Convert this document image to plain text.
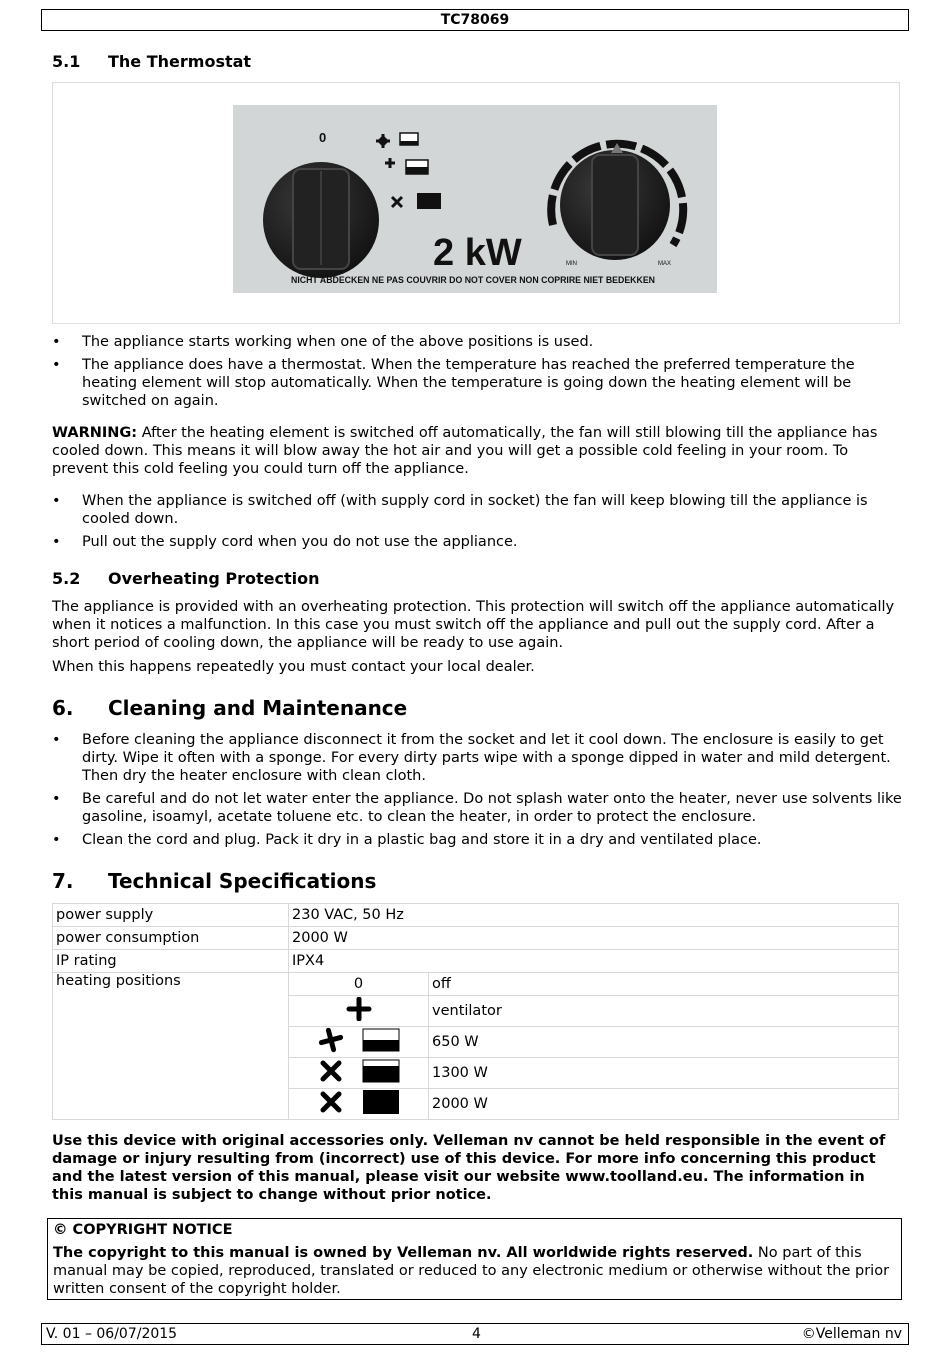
TC78069
5.1 The Thermostat
0
2 kW	MIN	MAX
NICHT ABDECKEN NE PAS COUVRIR DO NOT COVER NON COPRIRE NIET BEDEKKEN
• The appliance starts working when one of the above positions is used.
• The appliance does have a thermostat. When the temperature has reached the preferred temperature the heating element will stop automatically. When the temperature is going down the heating element will be switched on again.

WARNING: After the heating element is switched off automatically, the fan will still blowing till the appliance has cooled down. This means it will blow away the hot air and you will get a possible cold feeling in your room. To prevent this cold feeling you could turn off the appliance.

• When the appliance is switched off (with supply cord in socket) the fan will keep blowing till the appliance is cooled down.
• Pull out the supply cord when you do not use the appliance.
5.2 Overheating Protection

The appliance is provided with an overheating protection. This protection will switch off the appliance automatically when it notices a malfunction. In this case you must switch off the appliance and pull out the supply cord. After a short period of cooling down, the appliance will be ready to use again.

When this happens repeatedly you must contact your local dealer.

6. Cleaning and Maintenance
• Before cleaning the appliance disconnect it from the socket and let it cool down. The enclosure is easily to get dirty. Wipe it often with a sponge. For every dirty parts wipe with a sponge dipped in water and mild detergent. Then dry the heater enclosure with clean cloth.
• Be careful and do not let water enter the appliance. Do not splash water onto the heater, never use solvents like gasoline, isoamyl, acetate toluene etc. to clean the heater, in order to protect the enclosure.
• Clean the cord and plug. Pack it dry in a plastic bag and store it in a dry and ventilated place.
7. Technical Specifications
power supply	230 VAC, 50 Hz	
power consumption	2000 W	
IP rating	IPX4	
heating positions	0	off
	ventilator
	650 W
	1300 W
	2000 W

Use this device with original accessories only. Velleman nv cannot be held responsible in the event of damage or injury resulting from (incorrect) use of this device. For more info concerning this product and the latest version of this manual, please visit our website www.toolland.eu. The information in this manual is subject to change without prior notice.

© COPYRIGHT NOTICE

The copyright to this manual is owned by Velleman nv. All worldwide rights reserved. No part of this manual may be copied, reproduced, translated or reduced to any electronic medium or otherwise without the prior written consent of the copyright holder.

V. 01 – 06/07/2015	4	©Velleman nv
